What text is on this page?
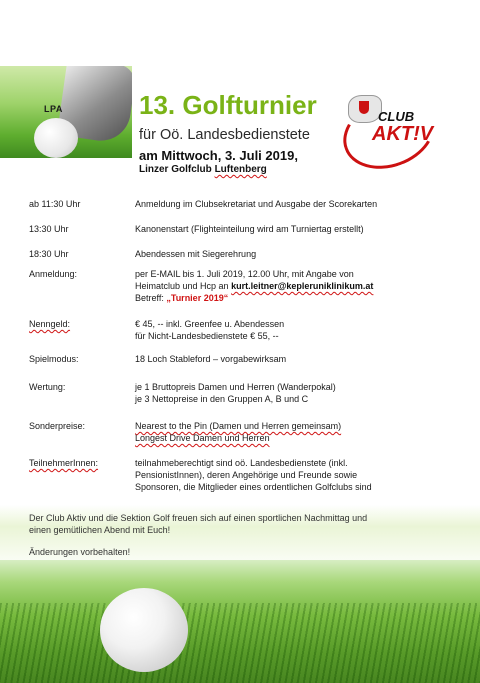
LPA	13. Golfturnier
für Oö. Landesbedienstete
am Mittwoch, 3. Juli 2019,
Linzer Golfclub Luftenberg
CLUB
AKT!V
ab 11:30 Uhr	Anmeldung im Clubsekretariat und Ausgabe der Scorekarten
13:30 Uhr	Kanonenstart (Flighteinteilung wird am Turniertag erstellt)
18:30 Uhr	Abendessen mit Siegerehrung
Anmeldung:	per E-MAIL bis 1. Juli 2019, 12.00 Uhr, mit Angabe von
Heimatclub und Hcp an kurt.leitner@kepleruniklinikum.at
Betreff: „Turnier 2019“
Nenngeld:	€ 45, -- inkl. Greenfee u. Abendessen
für Nicht-Landesbedienstete € 55, --
Spielmodus:	18 Loch Stableford – vorgabewirksam
Wertung:	je 1 Bruttopreis Damen und Herren (Wanderpokal)
je 3 Nettopreise in den Gruppen A, B und C
Sonderpreise:	Nearest to the Pin (Damen und Herren gemeinsam)
Longest Drive Damen und Herren
TeilnehmerInnen:	teilnahmeberechtigt sind oö. Landesbedienstete (inkl.
PensionistInnen), deren Angehörige und Freunde sowie
Sponsoren, die Mitglieder eines ordentlichen Golfclubs sind
Der Club Aktiv und die Sektion Golf freuen sich auf einen sportlichen Nachmittag und
einen gemütlichen Abend mit Euch!
Änderungen vorbehalten!
